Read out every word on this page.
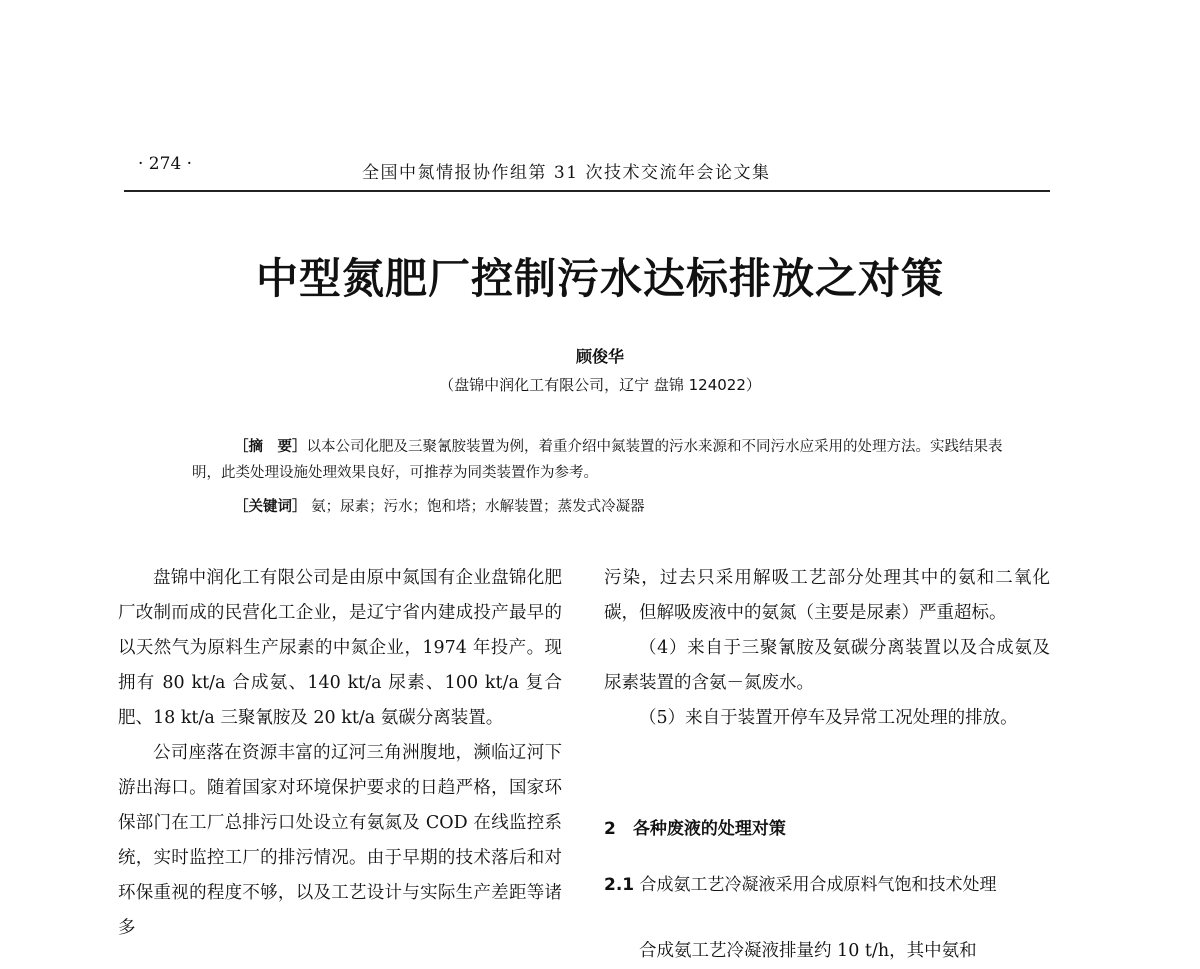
· 274 ·	全国中氮情报协作组第 31 次技术交流年会论文集
中型氮肥厂控制污水达标排放之对策
顾俊华
（盘锦中润化工有限公司，辽宁 盘锦 124022）
［摘　要］以本公司化肥及三聚氰胺装置为例，着重介绍中氮装置的污水来源和不同污水应采用的处理方法。实践结果表明，此类处理设施处理效果良好，可推荐为同类装置作为参考。
［关键词］ 氨；尿素；污水；饱和塔；水解装置；蒸发式冷凝器

盘锦中润化工有限公司是由原中氮国有企业盘锦化肥厂改制而成的民营化工企业，是辽宁省内建成投产最早的以天然气为原料生产尿素的中氮企业，1974 年投产。现拥有 80 kt/a 合成氨、140 kt/a 尿素、100 kt/a 复合肥、18 kt/a 三聚氰胺及 20 kt/a 氨碳分离装置。

公司座落在资源丰富的辽河三角洲腹地，濒临辽河下游出海口。随着国家对环境保护要求的日趋严格，国家环保部门在工厂总排污口处设立有氨氮及 COD 在线监控系统，实时监控工厂的排污情况。由于早期的技术落后和对环保重视的程度不够，以及工艺设计与实际生产差距等诸多

污染，过去只采用解吸工艺部分处理其中的氨和二氧化碳，但解吸废液中的氨氮（主要是尿素）严重超标。

（4）来自于三聚氰胺及氨碳分离装置以及合成氨及尿素装置的含氨－氮废水。

（5）来自于装置开停车及异常工况处理的排放。

2　各种废液的处理对策
2.1 合成氨工艺冷凝液采用合成原料气饱和技术处理
合成氨工艺冷凝液排量约 10 t/h，其中氨和
